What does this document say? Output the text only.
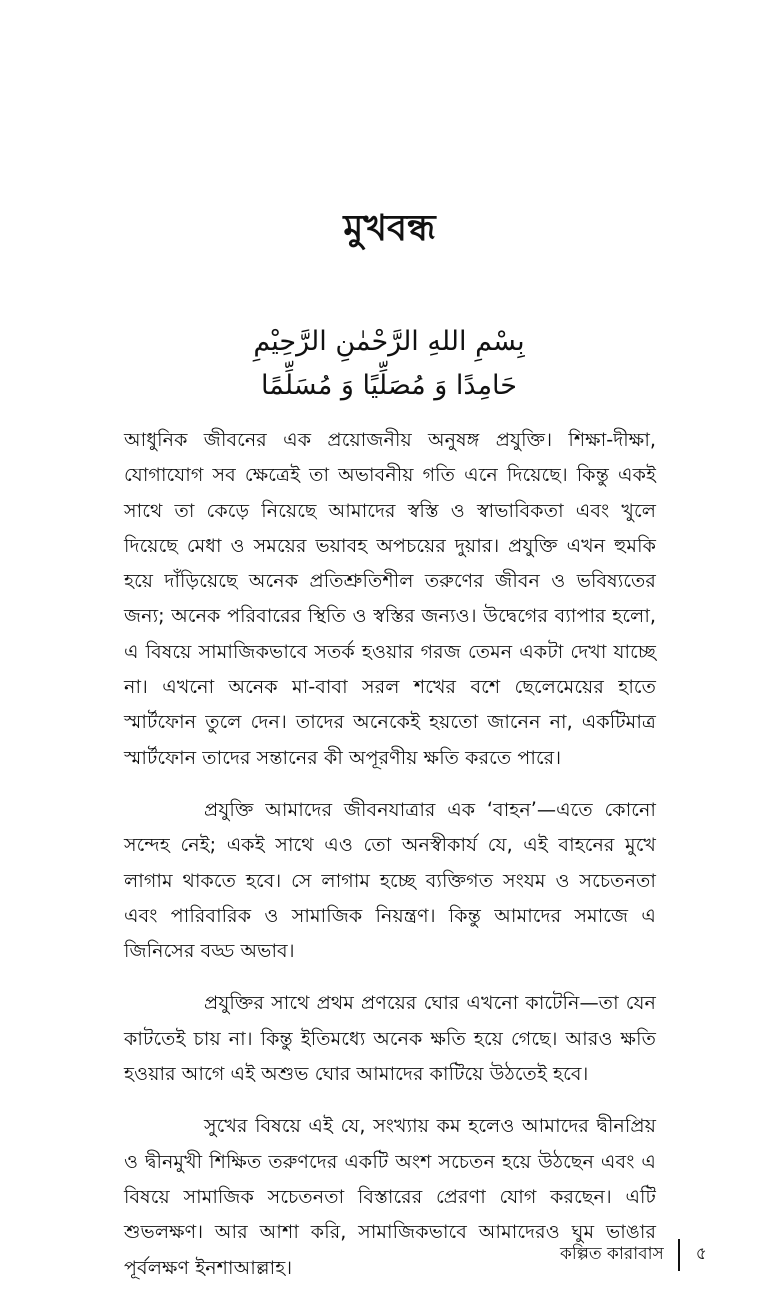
মুখবন্ধ
بِسْمِ اللهِ الرَّحْمٰنِ الرَّحِيْمِ
حَامِدًا وَ مُصَلِّيًا وَ مُسَلِّمًا

আধুনিক জীবনের এক প্রয়োজনীয় অনুষঙ্গ প্রযুক্তি। শিক্ষা-দীক্ষা, যোগাযোগ সব ক্ষেত্রেই তা অভাবনীয় গতি এনে দিয়েছে। কিন্তু একই সাথে তা কেড়ে নিয়েছে আমাদের স্বস্তি ও স্বাভাবিকতা এবং খুলে দিয়েছে মেধা ও সময়ের ভয়াবহ অপচয়ের দুয়ার। প্রযুক্তি এখন হুমকি হয়ে দাঁড়িয়েছে অনেক প্রতিশ্রুতিশীল তরুণের জীবন ও ভবিষ্যতের জন্য; অনেক পরিবারের স্থিতি ও স্বস্তির জন্যও। উদ্বেগের ব্যাপার হলো, এ বিষয়ে সামাজিকভাবে সতর্ক হওয়ার গরজ তেমন একটা দেখা যাচ্ছে না। এখনো অনেক মা-বাবা সরল শখের বশে ছেলেমেয়ের হাতে স্মার্টফোন তুলে দেন। তাদের অনেকেই হয়তো জানেন না, একটিমাত্র স্মার্টফোন তাদের সন্তানের কী অপূরণীয় ক্ষতি করতে পারে।

প্রযুক্তি আমাদের জীবনযাত্রার এক ‘বাহন’—এতে কোনো সন্দেহ নেই; একই সাথে এও তো অনস্বীকার্য যে, এই বাহনের মুখে লাগাম থাকতে হবে। সে লাগাম হচ্ছে ব্যক্তিগত সংযম ও সচেতনতা এবং পারিবারিক ও সামাজিক নিয়ন্ত্রণ। কিন্তু আমাদের সমাজে এ জিনিসের বড্ড অভাব।

প্রযুক্তির সাথে প্রথম প্রণয়ের ঘোর এখনো কাটেনি—তা যেন কাটতেই চায় না। কিন্তু ইতিমধ্যে অনেক ক্ষতি হয়ে গেছে। আরও ক্ষতি হওয়ার আগে এই অশুভ ঘোর আমাদের কাটিয়ে উঠতেই হবে।

সুখের বিষয়ে এই যে, সংখ্যায় কম হলেও আমাদের দ্বীনপ্রিয় ও দ্বীনমুখী শিক্ষিত তরুণদের একটি অংশ সচেতন হয়ে উঠছেন এবং এ বিষয়ে সামাজিক সচেতনতা বিস্তারের প্রেরণা যোগ করছেন। এটি শুভলক্ষণ। আর আশা করি, সামাজিকভাবে আমাদেরও ঘুম ভাঙার পূর্বলক্ষণ ইনশাআল্লাহ।

কল্পিত কারাবাস ৫
